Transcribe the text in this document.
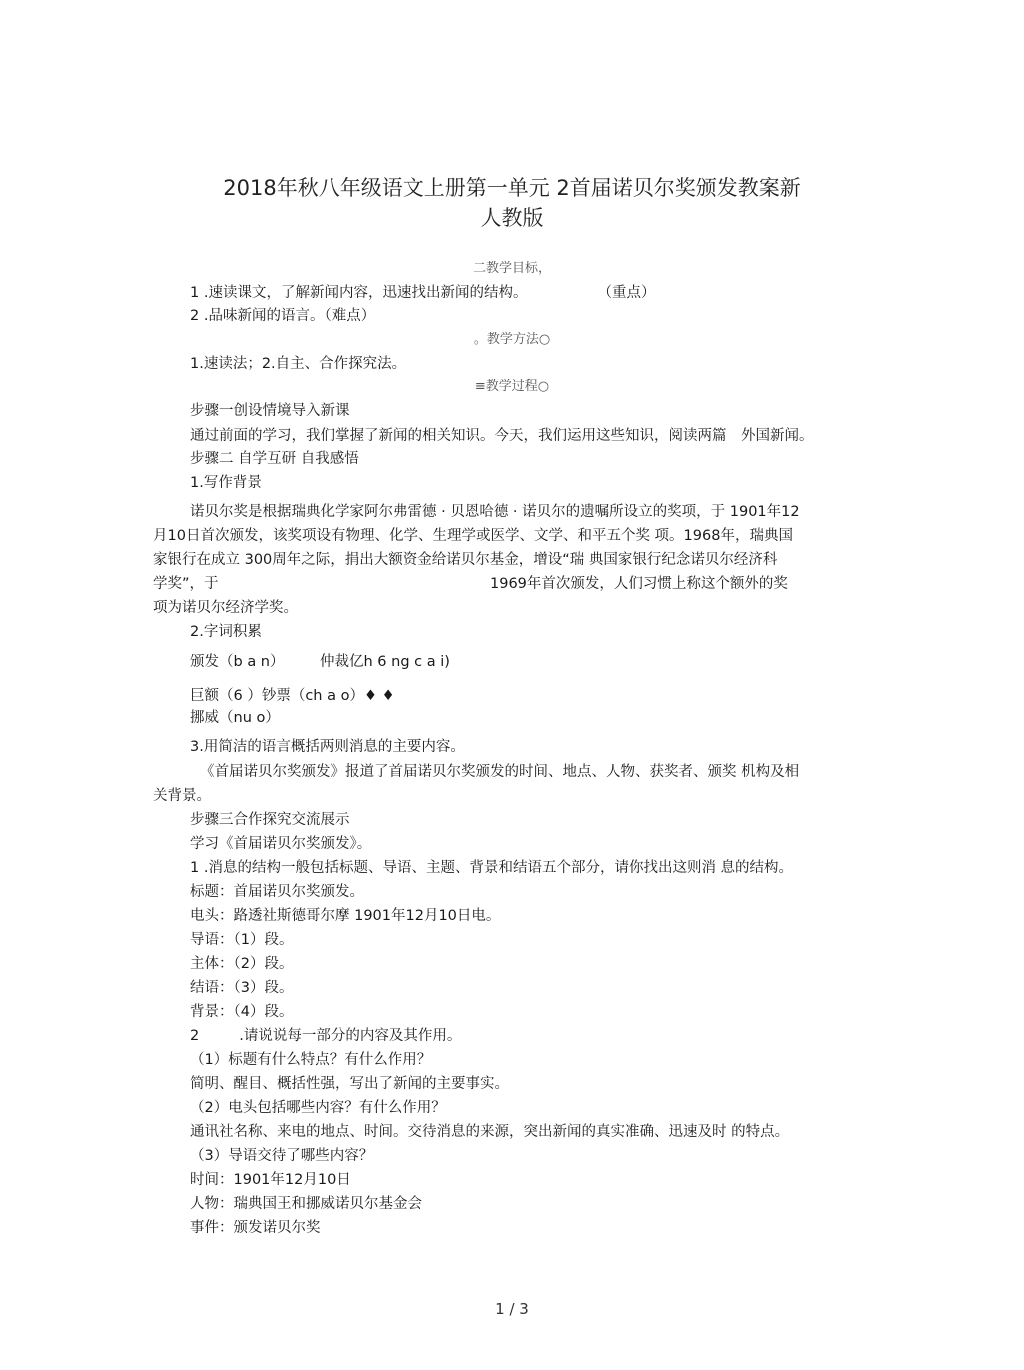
2018年秋八年级语文上册第一单元 2首届诺贝尔奖颁发教案新
人教版
二教学目标，
1 .速读课文，了解新闻内容，迅速找出新闻的结构。	（重点）
2 .品味新闻的语言。（难点）
。教学方法○
1.速读法；2.自主、合作探究法。
≡教学过程○
步骤一创设情境导入新课
通过前面的学习，我们掌握了新闻的相关知识。今天，我们运用这些知识，阅读两篇　外国新闻。
步骤二 自学互研 自我感悟
1.写作背景
诺贝尔奖是根据瑞典化学家阿尔弗雷德 · 贝恩哈德 · 诺贝尔的遗嘱所设立的奖项，于 1901年12
月10日首次颁发，该奖项设有物理、化学、生理学或医学、文学、和平五个奖 项。1968年，瑞典国
家银行在成立 300周年之际，捐出大额资金给诺贝尔基金，增设“瑞 典国家银行纪念诺贝尔经济科
学奖”，于	1969年首次颁发，人们习惯上称这个额外的奖
项为诺贝尔经济学奖。
2.字词积累
颁发（b a n） 仲裁亿h 6 ng c a i)
巨额（6 ）钞票（ch a o）♦ ♦
挪威（nu o）
3.用简洁的语言概括两则消息的主要内容。
《首届诺贝尔奖颁发》报道了首届诺贝尔奖颁发的时间、地点、人物、获奖者、颁奖 机构及相
关背景。
步骤三合作探究交流展示
学习《首届诺贝尔奖颁发》。
1 .消息的结构一般包括标题、导语、主题、背景和结语五个部分，请你找出这则消 息的结构。
标题：首届诺贝尔奖颁发。
电头：路透社斯德哥尔摩 1901年12月10日电。
导语：（1）段。
主体：（2）段。
结语：（3）段。
背景：（4）段。
2	.请说说每一部分的内容及其作用。
（1）标题有什么特点？有什么作用？
简明、醒目、概括性强，写出了新闻的主要事实。
（2）电头包括哪些内容？有什么作用？
通讯社名称、来电的地点、时间。交待消息的来源，突出新闻的真实准确、迅速及时 的特点。
（3）导语交待了哪些内容？
时间：1901年12月10日
人物：瑞典国王和挪威诺贝尔基金会
事件：颁发诺贝尔奖
1 / 3
